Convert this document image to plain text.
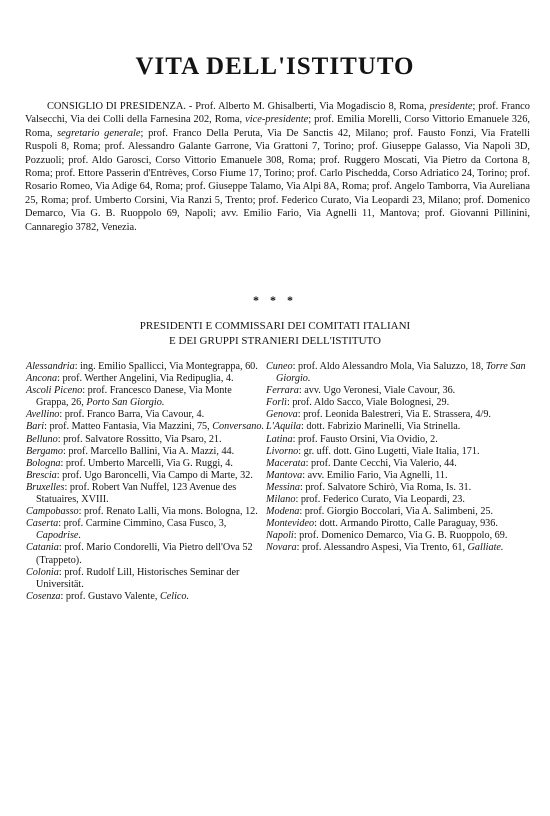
VITA DELL'ISTITUTO

CONSIGLIO DI PRESIDENZA. - Prof. Alberto M. Ghisalberti, Via Mogadiscio 8, Roma, presidente; prof. Franco Valsecchi, Via dei Colli della Farnesina 202, Roma, vice-presidente; prof. Emilia Morelli, Corso Vittorio Emanuele 326, Roma, segretario generale; prof. Franco Della Peruta, Via De Sanctis 42, Milano; prof. Fausto Fonzi, Via Fratelli Ruspoli 8, Roma; prof. Alessandro Galante Garrone, Via Grattoni 7, Torino; prof. Giuseppe Galasso, Via Napoli 3D, Pozzuoli; prof. Aldo Garosci, Corso Vittorio Emanuele 308, Roma; prof. Ruggero Moscati, Via Pietro da Cortona 8, Roma; prof. Ettore Passerin d'Entrèves, Corso Fiume 17, Torino; prof. Carlo Pischedda, Corso Adriatico 24, Torino; prof. Rosario Romeo, Via Adige 64, Roma; prof. Giuseppe Talamo, Via Alpi 8A, Roma; prof. Angelo Tamborra, Via Aureliana 25, Roma; prof. Umberto Corsini, Via Ranzi 5, Trento; prof. Federico Curato, Via Leopardi 23, Milano; prof. Domenico Demarco, Via G. B. Ruoppolo 69, Napoli; avv. Emilio Fario, Via Agnelli 11, Mantova; prof. Giovanni Pillinini, Cannaregio 3782, Venezia.

* * *
PRESIDENTI E COMMISSARI DEI COMITATI ITALIANI
E DEI GRUPPI STRANIERI DELL'ISTITUTO

Alessandria: ing. Emilio Spallicci, Via Montegrappa, 60.

Ancona: prof. Werther Angelini, Via Redipuglia, 4.

Ascoli Piceno: prof. Francesco Danese, Via Monte Grappa, 26, Porto San Giorgio.

Avellino: prof. Franco Barra, Via Cavour, 4.

Bari: prof. Matteo Fantasia, Via Mazzini, 75, Conversano.

Belluno: prof. Salvatore Rossitto, Via Psaro, 21.

Bergamo: prof. Marcello Ballini, Via A. Mazzi, 44.

Bologna: prof. Umberto Marcelli, Via G. Ruggi, 4.

Brescia: prof. Ugo Baroncelli, Via Campo di Marte, 32.

Bruxelles: prof. Robert Van Nuffel, 123 Avenue des Statuaires, XVIII.

Campobasso: prof. Renato Lalli, Via mons. Bologna, 12.

Caserta: prof. Carmine Cimmino, Casa Fusco, 3, Capodrise.

Catania: prof. Mario Condorelli, Via Pietro dell'Ova 52 (Trappeto).

Colonia: prof. Rudolf Lill, Historisches Seminar der Universität.

Cosenza: prof. Gustavo Valente, Celico.

Cuneo: prof. Aldo Alessandro Mola, Via Saluzzo, 18, Torre San Giorgio.

Ferrara: avv. Ugo Veronesi, Viale Cavour, 36.

Forlì: prof. Aldo Sacco, Viale Bolognesi, 29.

Genova: prof. Leonida Balestreri, Via E. Strassera, 4/9.

L'Aquila: dott. Fabrizio Marinelli, Via Strinella.

Latina: prof. Fausto Orsini, Via Ovidio, 2.

Livorno: gr. uff. dott. Gino Lugetti, Viale Italia, 171.

Macerata: prof. Dante Cecchi, Via Valerio, 44.

Mantova: avv. Emilio Fario, Via Agnelli, 11.

Messina: prof. Salvatore Schirò, Via Roma, Is. 31.

Milano: prof. Federico Curato, Via Leopardi, 23.

Modena: prof. Giorgio Boccolari, Via A. Salimbeni, 25.

Montevideo: dott. Armando Pirotto, Calle Paraguay, 936.

Napoli: prof. Domenico Demarco, Via G. B. Ruoppolo, 69.

Novara: prof. Alessandro Aspesi, Via Trento, 61, Galliate.
